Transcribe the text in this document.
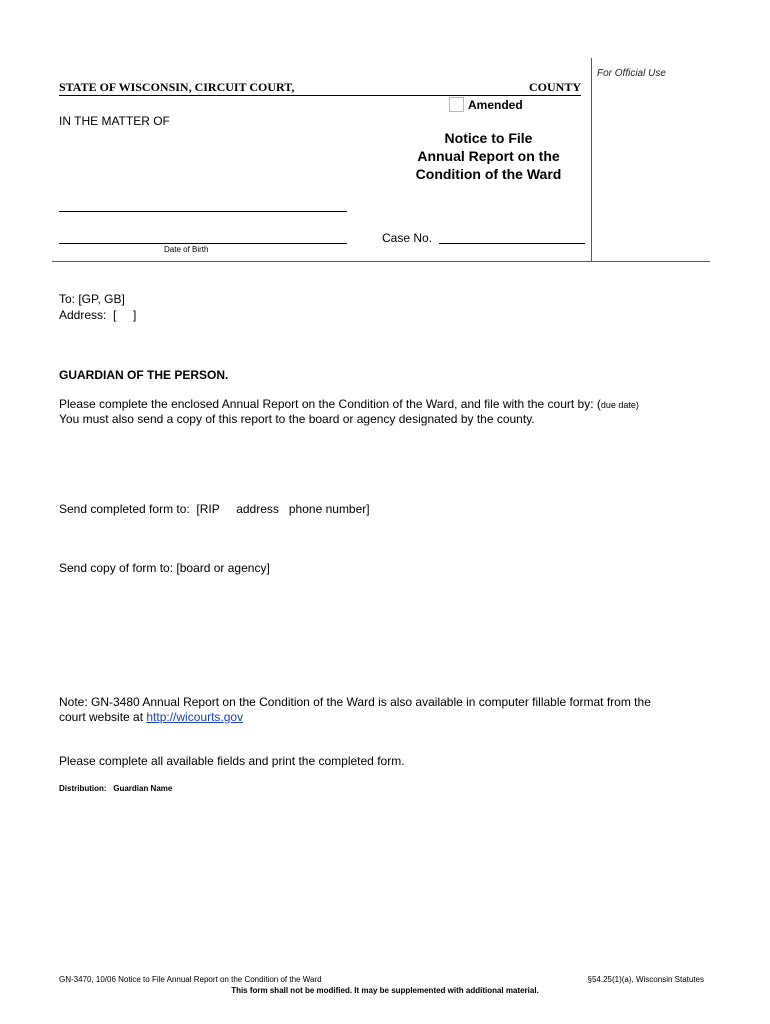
STATE OF WISCONSIN, CIRCUIT COURT,	COUNTY
For Official Use
Amended
IN THE MATTER OF
Notice to File
Annual Report on the
Condition of the Ward
Date of Birth
Case No.
To: [GP, GB]
Address:  [     ]
GUARDIAN OF THE PERSON.
Please complete the enclosed Annual Report on the Condition of the Ward, and file with the court by: (due date)
You must also send a copy of this report to the board or agency designated by the county.
Send completed form to:  [RIP     address   phone number]
Send copy of form to: [board or agency]
Note: GN-3480 Annual Report on the Condition of the Ward is also available in computer fillable format from the
court website at http://wicourts.gov
Please complete all available fields and print the completed form.
Distribution:   Guardian Name
GN-3470, 10/06 Notice to File Annual Report on the Condition of the Ward	§54.25(1)(a), Wisconsin Statutes
This form shall not be modified. It may be supplemented with additional material.
